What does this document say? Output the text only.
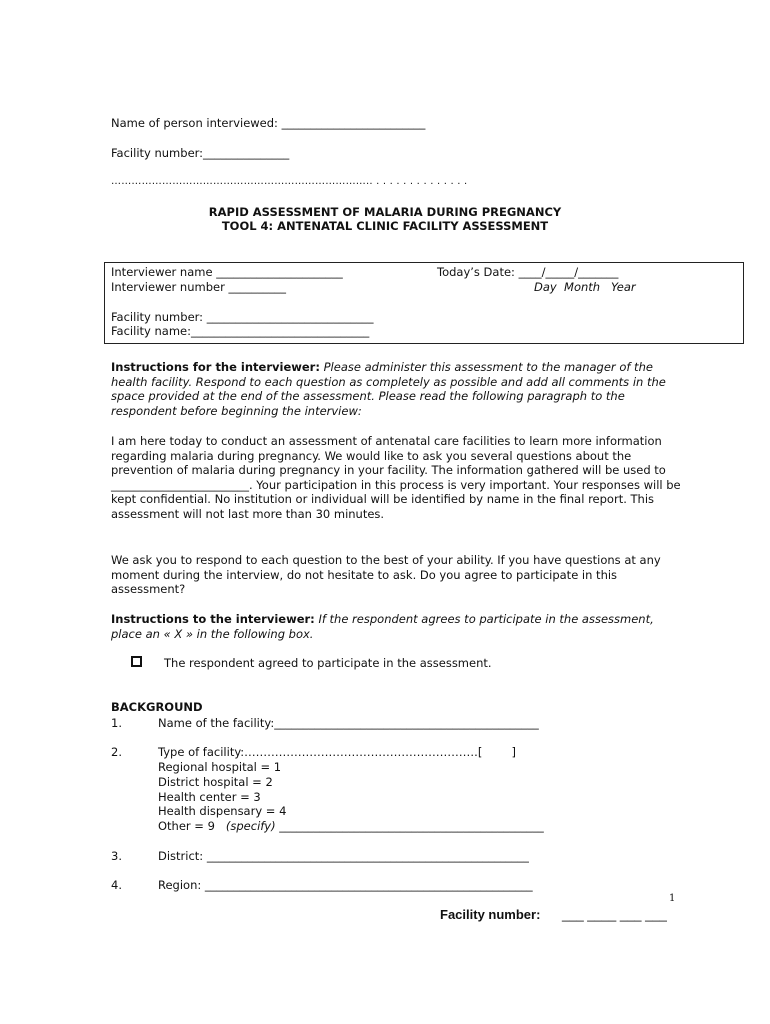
Name of person interviewed: _________________________
Facility number:_______________
………………………………………………………………….. . . . . . . . . . . . . . .
RAPID ASSESSMENT OF MALARIA DURING PREGNANCY
TOOL 4: ANTENATAL CLINIC FACILITY ASSESSMENT
Interviewer name ______________________	Today’s Date: ____/_____/_______
Interviewer number __________	Day  Month   Year
Facility number: _____________________________
Facility name:_______________________________
Instructions for the interviewer: Please administer this assessment to the manager of the health facility. Respond to each question as completely as possible and add all comments in the space provided at the end of the assessment. Please read the following paragraph to the respondent before beginning the interview:
I am here today to conduct an assessment of antenatal care facilities to learn more information regarding malaria during pregnancy. We would like to ask you several questions about the prevention of malaria during pregnancy in your facility. The information gathered will be used to ________________________. Your participation in this process is very important. Your responses will be kept confidential. No institution or individual will be identified by name in the final report. This assessment will not last more than 30 minutes.
We ask you to respond to each question to the best of your ability. If you have questions at any moment during the interview, do not hesitate to ask. Do you agree to participate in this assessment?
Instructions to the interviewer: If the respondent agrees to participate in the assessment, place an « X » in the following box.
The respondent agreed to participate in the assessment.
BACKGROUND
1.	Name of the facility:______________________________________________
2.	Type of facility:…………………………………………………….[        ]
Regional hospital = 1
District hospital = 2
Health center = 3
Health dispensary = 4
Other = 9 (specify) ______________________________________________
3.	District: ________________________________________________________
4.	Region: _________________________________________________________
1
Facility number: ___ ____ ___ ___
